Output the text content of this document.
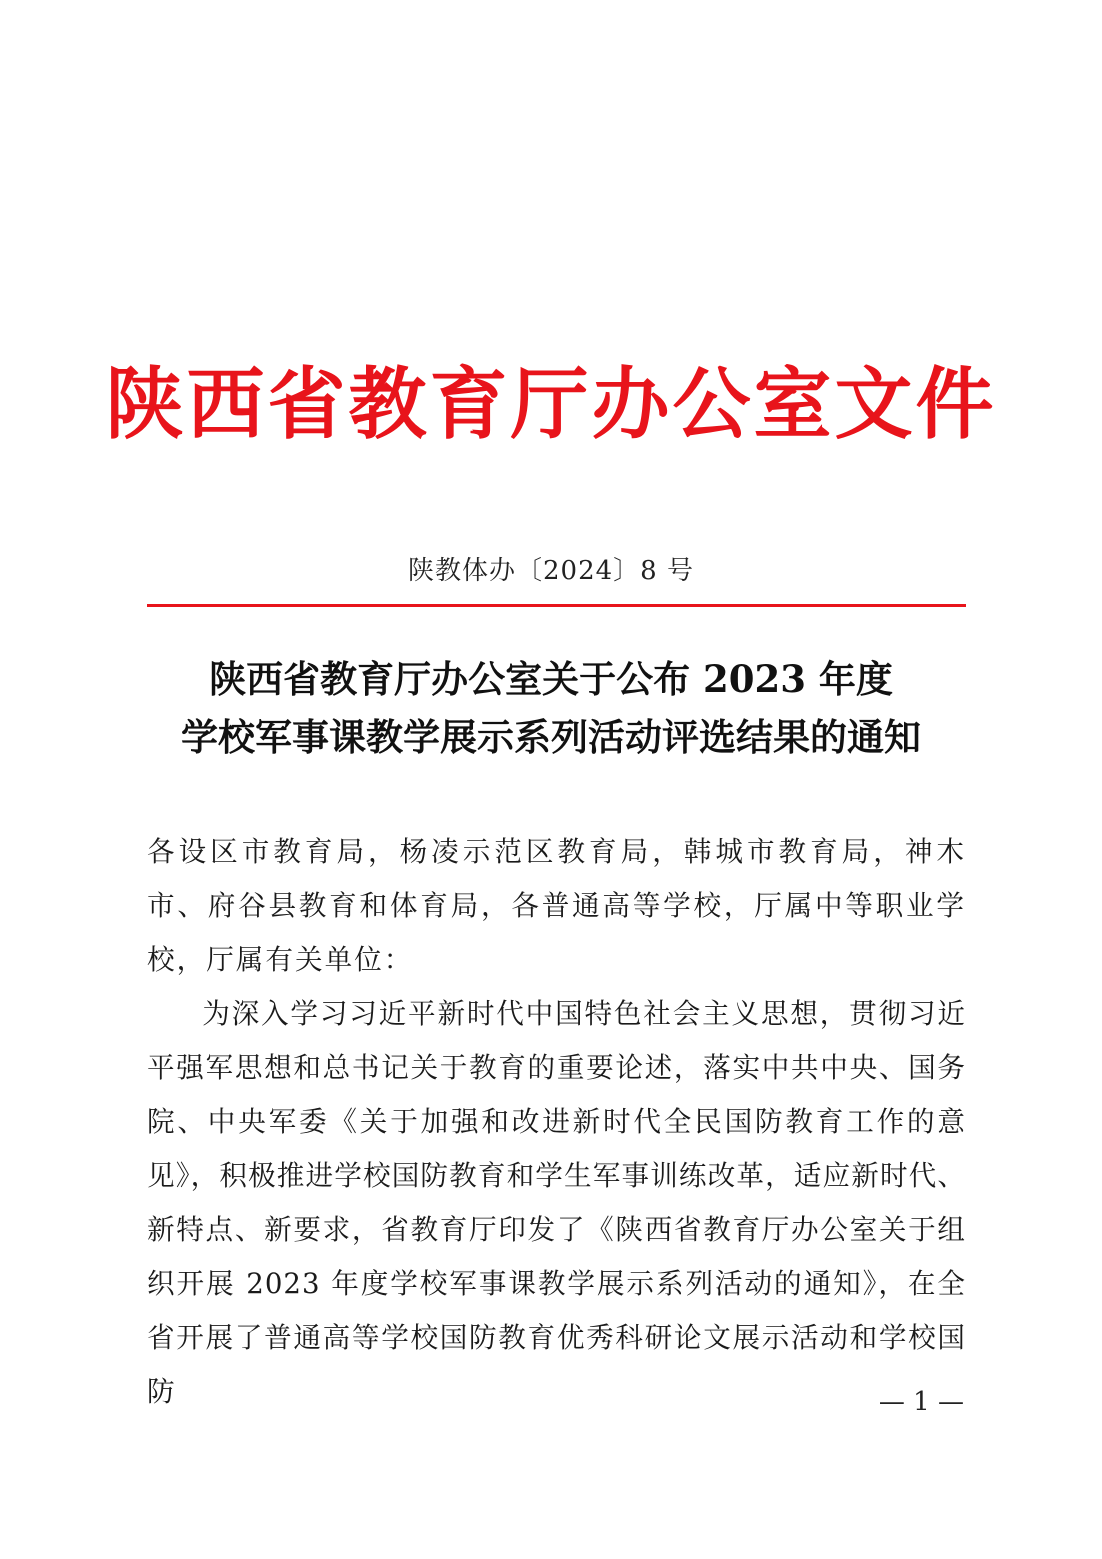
陕西省教育厅办公室文件
陕教体办〔2024〕8 号
陕西省教育厅办公室关于公布 2023 年度
学校军事课教学展示系列活动评选结果的通知

各设区市教育局，杨凌示范区教育局，韩城市教育局，神木市、府谷县教育和体育局，各普通高等学校，厅属中等职业学校，厅属有关单位：

为深入学习习近平新时代中国特色社会主义思想，贯彻习近平强军思想和总书记关于教育的重要论述，落实中共中央、国务院、中央军委《关于加强和改进新时代全民国防教育工作的意见》，积极推进学校国防教育和学生军事训练改革，适应新时代、新特点、新要求，省教育厅印发了《陕西省教育厅办公室关于组织开展 2023 年度学校军事课教学展示系列活动的通知》，在全省开展了普通高等学校国防教育优秀科研论文展示活动和学校国防	— 1 —
